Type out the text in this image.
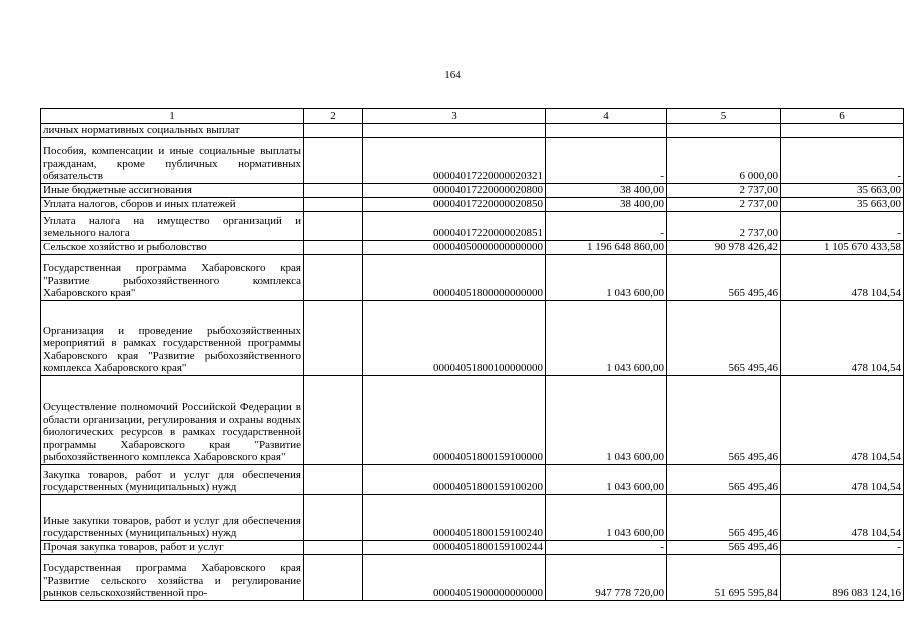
164
1	2	3	4	5	6
личных нормативных социальных выплат					
Пособия, компенсации и иные социальные выплаты гражданам, кроме публичных нормативных обязательств		00004017220000020321	-	6 000,00	-
Иные бюджетные ассигнования		00004017220000020800	38 400,00	2 737,00	35 663,00
Уплата налогов, сборов и иных платежей		00004017220000020850	38 400,00	2 737,00	35 663,00
Уплата налога на имущество организаций и земельного налога		00004017220000020851	-	2 737,00	-
Сельское хозяйство и рыболовство		00004050000000000000	1 196 648 860,00	90 978 426,42	1 105 670 433,58
Государственная программа Хабаровского края "Развитие рыбохозяйственного комплекса Хабаровского края"		00004051800000000000	1 043 600,00	565 495,46	478 104,54
Организация и проведение рыбохозяйственных мероприятий в рамках государственной программы Хабаровского края "Развитие рыбохозяйственного комплекса Хабаровского края"		00004051800100000000	1 043 600,00	565 495,46	478 104,54
Осуществление полномочий Российской Федерации в области организации, регулирования и охраны водных биологических ресурсов в рамках государственной программы Хабаровского края "Развитие рыбохозяйственного комплекса Хабаровского края"		00004051800159100000	1 043 600,00	565 495,46	478 104,54
Закупка товаров, работ и услуг для обеспечения государственных (муниципальных) нужд		00004051800159100200	1 043 600,00	565 495,46	478 104,54
Иные закупки товаров, работ и услуг для обеспечения государственных (муниципальных) нужд		00004051800159100240	1 043 600,00	565 495,46	478 104,54
Прочая закупка товаров, работ и услуг		00004051800159100244	-	565 495,46	-
Государственная программа Хабаровского края "Развитие сельского хозяйства и регулирование рынков сельскохозяйственной про-		00004051900000000000	947 778 720,00	51 695 595,84	896 083 124,16
